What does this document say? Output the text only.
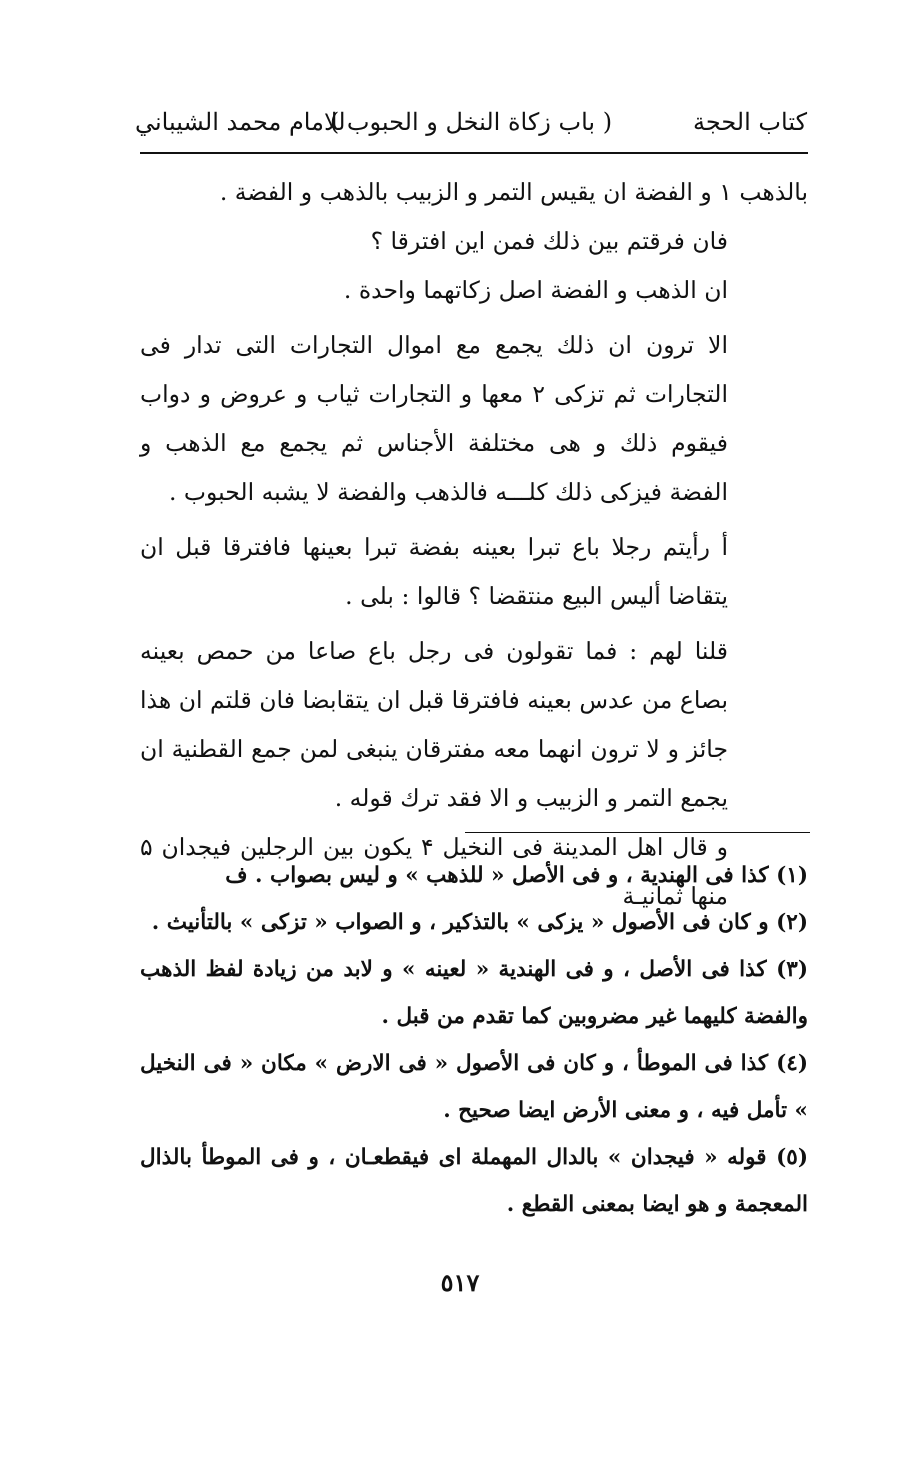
كتاب الحجة
( باب زكاة النخل و الحبوب )
للامام محمد الشيباني

بالذهب ۱ و الفضة ان يقيس التمر و الزبيب بالذهب و الفضة .

فان فرقتم بين ذلك فمن اين افترقا ؟

ان الذهب و الفضة اصل زكاتهما واحدة .

الا ترون ان ذلك يجمع مع اموال التجارات التى تدار فى التجارات ثم تزكى ۲ معها و التجارات ثياب و عروض و دواب فيقوم ذلك و هى مختلفة الأجناس ثم يجمع مع الذهب و الفضة فيزكى ذلك كلـــه فالذهب والفضة لا يشبه الحبوب .

أ رأيتم رجلا باع تبرا بعينه بفضة تبرا بعينها فافترقا قبل ان يتقاضا أليس البيع منتقضا ؟ قالوا : بلى .

قلنا لهم : فما تقولون فى رجل باع صاعا من حمص بعينه بصاع من عدس بعينه فافترقا قبل ان يتقابضا فان قلتم ان هذا جائز و لا ترون انهما معه مفترقان ينبغى لمن جمع القطنية ان يجمع التمر و الزبيب و الا فقد ترك قوله .

و قال اهل المدينة فى النخيل ۴ يكون بين الرجلين فيجدان ۵ منها ثمانيـة

(۱) كذا فى الهندية ، و فى الأصل « للذهب » و ليس بصواب . ف

(۲) و كان فى الأصول « يزكى » بالتذكير ، و الصواب « تزكى » بالتأنيث .

(۳) كذا فى الأصل ، و فى الهندية « لعينه » و لابد من زيادة لفظ الذهب والفضة كليهما غير مضروبين كما تقدم من قبل .

(٤) كذا فى الموطأ ، و كان فى الأصول « فى الارض » مكان « فى النخيل » تأمل فيه ، و معنى الأرض ايضا صحيح .

(٥) قوله « فيجدان » بالدال المهملة اى فيقطعـان ، و فى الموطأ بالذال المعجمة و هو ايضا بمعنى القطع .

٥١٧
